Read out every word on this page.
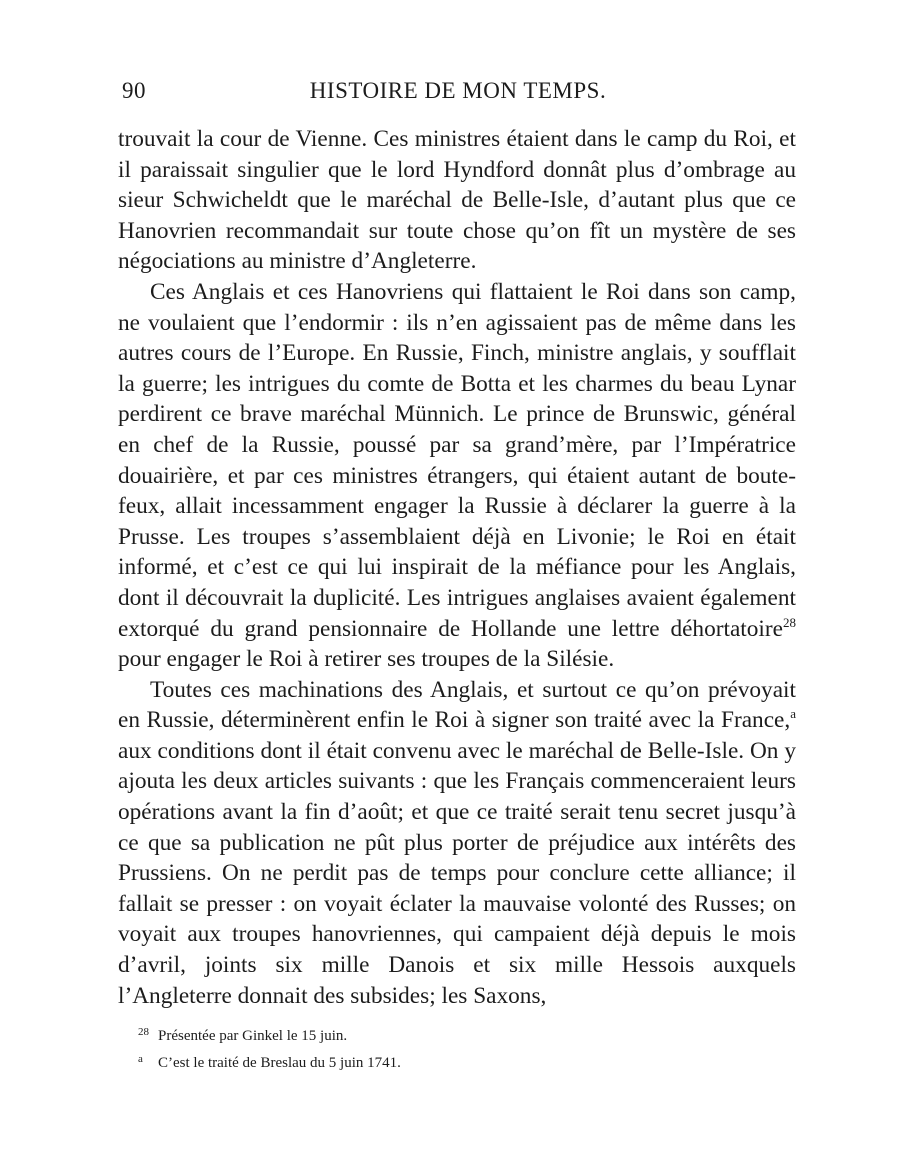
90	HISTOIRE DE MON TEMPS.

trouvait la cour de Vienne. Ces ministres étaient dans le camp du Roi, et il paraissait singulier que le lord Hyndford donnât plus d’ombrage au sieur Schwicheldt que le maréchal de Belle-Isle, d’autant plus que ce Hanovrien recommandait sur toute chose qu’on fît un mystère de ses négociations au ministre d’Angleterre.

Ces Anglais et ces Hanovriens qui flattaient le Roi dans son camp, ne voulaient que l’endormir : ils n’en agissaient pas de même dans les autres cours de l’Europe. En Russie, Finch, ministre anglais, y soufflait la guerre; les intrigues du comte de Botta et les charmes du beau Lynar perdirent ce brave maréchal Münnich. Le prince de Brunswic, général en chef de la Russie, poussé par sa grand’mère, par l’Impératrice douairière, et par ces ministres étrangers, qui étaient autant de boute-feux, allait incessamment engager la Russie à déclarer la guerre à la Prusse. Les troupes s’assemblaient déjà en Livonie; le Roi en était informé, et c’est ce qui lui inspirait de la méfiance pour les Anglais, dont il découvrait la duplicité. Les intrigues anglaises avaient également extorqué du grand pensionnaire de Hollande une lettre déhortatoire$^{28}$ pour engager le Roi à retirer ses troupes de la Silésie.

Toutes ces machinations des Anglais, et surtout ce qu’on prévoyait en Russie, déterminèrent enfin le Roi à signer son traité avec la France,$^a$ aux conditions dont il était convenu avec le maréchal de Belle-Isle. On y ajouta les deux articles suivants : que les Français commenceraient leurs opérations avant la fin d’août; et que ce traité serait tenu secret jusqu’à ce que sa publication ne pût plus porter de préjudice aux intérêts des Prussiens. On ne perdit pas de temps pour conclure cette alliance; il fallait se presser : on voyait éclater la mauvaise volonté des Russes; on voyait aux troupes hanovriennes, qui campaient déjà depuis le mois d’avril, joints six mille Danois et six mille Hessois auxquels l’Angleterre donnait des subsides; les Saxons,

28 Présentée par Ginkel le 15 juin.

a C’est le traité de Breslau du 5 juin 1741.
